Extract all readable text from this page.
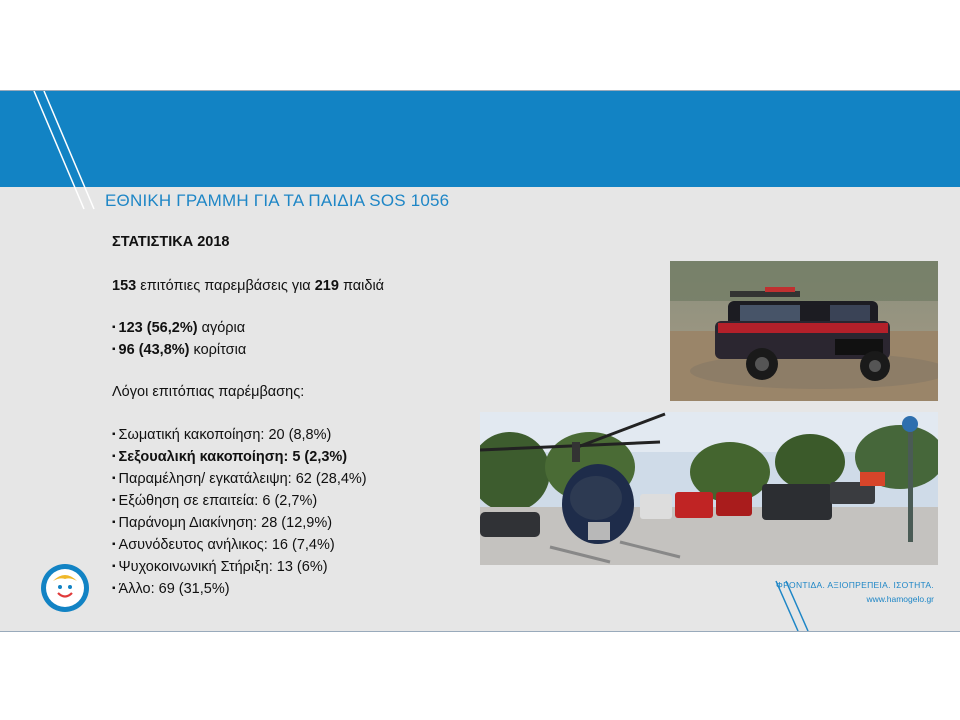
ΕΘΝΙΚΗ ΓΡΑΜΜΗ ΓΙΑ ΤΑ ΠΑΙΔΙΑ SOS 1056
ΣΤΑΤΙΣΤΙΚΑ 2018
153 επιτόπιες παρεμβάσεις για 219 παιδιά
▪ 123 (56,2%) αγόρια
▪ 96 (43,8%) κορίτσια
Λόγοι επιτόπιας παρέμβασης:
▪ Σωματική κακοποίηση: 20 (8,8%)
▪ Σεξουαλική κακοποίηση: 5 (2,3%)
▪ Παραμέληση/ εγκατάλειψη: 62 (28,4%)
▪ Εξώθηση σε επαιτεία: 6 (2,7%)
▪ Παράνομη Διακίνηση: 28 (12,9%)
▪ Ασυνόδευτος ανήλικος: 16 (7,4%)
▪ Ψυχοκοινωνική Στήριξη: 13 (6%)
▪ Άλλο: 69 (31,5%)	ΦΡΟΝΤΙΔΑ. ΑΞΙΟΠΡΕΠΕΙΑ. ΙΣΟΤΗΤΑ.
www.hamogelo.gr
